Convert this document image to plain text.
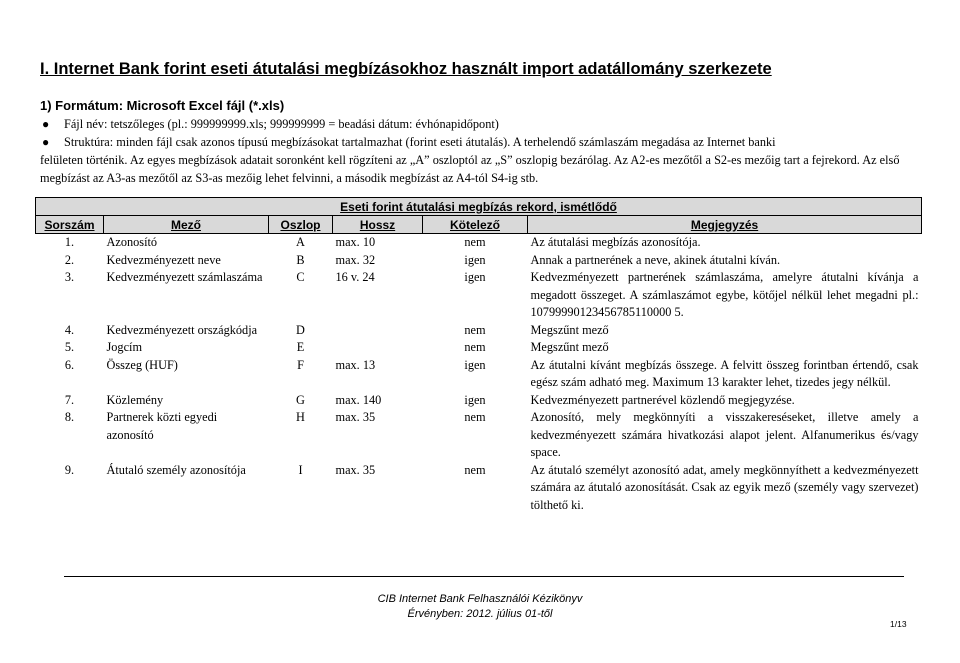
I. Internet Bank forint eseti átutalási megbízásokhoz használt import adatállomány szerkezete
1) Formátum: Microsoft Excel fájl (*.xls)
● Fájl név: tetszőleges (pl.: 999999999.xls; 999999999 = beadási dátum: évhónapidőpont)
● Struktúra: minden fájl csak azonos típusú megbízásokat tartalmazhat (forint eseti átutalás). A terhelendő számlaszám megadása az Internet banki
felületen történik. Az egyes megbízások adatait soronként kell rögzíteni az „A” oszloptól az „S” oszlopig bezárólag. Az A2-es mezőtől a S2-es mezőig tart a fejrekord. Az első megbízást az A3-as mezőtől az S3-as mezőig lehet felvinni, a második megbízást az A4-tól S4-ig stb.
Eseti forint átutalási megbízás rekord, ismétlődő					
Sorszám	Mező	Oszlop	Hossz	Kötelező	Megjegyzés
1.	Azonosító	A	max. 10	nem	Az átutalási megbízás azonosítója.
2.	Kedvezményezett neve	B	max. 32	igen	Annak a partnerének a neve, akinek átutalni kíván.
3.	Kedvezményezett számlaszáma	C	16 v. 24	igen	Kedvezményezett partnerének számlaszáma, amelyre átutalni kívánja a megadott összeget. A számlaszámot egybe, kötőjel nélkül lehet megadni pl.: 10799990123456785110000 5.
4.	Kedvezményezett országkódja	D		nem	Megszűnt mező
5.	Jogcím	E		nem	Megszűnt mező
6.	Összeg (HUF)	F	max. 13	igen	Az átutalni kívánt megbízás összege. A felvitt összeg forintban értendő, csak egész szám adható meg. Maximum 13 karakter lehet, tizedes jegy nélkül.
7.	Közlemény	G	max. 140	igen	Kedvezményezett partnerével közlendő megjegyzése.
8.	Partnerek közti egyedi azonosító	H	max. 35	nem	Azonosító, mely megkönnyíti a visszakereséseket, illetve amely a kedvezményezett számára hivatkozási alapot jelent. Alfanumerikus és/vagy space.
9.	Átutaló személy azonosítója	I	max. 35	nem	Az átutaló személyt azonosító adat, amely megkönnyíthett a kedvezményezett számára az átutaló azonosítását. Csak az egyik mező (személy vagy szervezet) tölthető ki.
CIB Internet Bank Felhasználói Kézikönyv
Érvényben: 2012. július 01-től
1/13
